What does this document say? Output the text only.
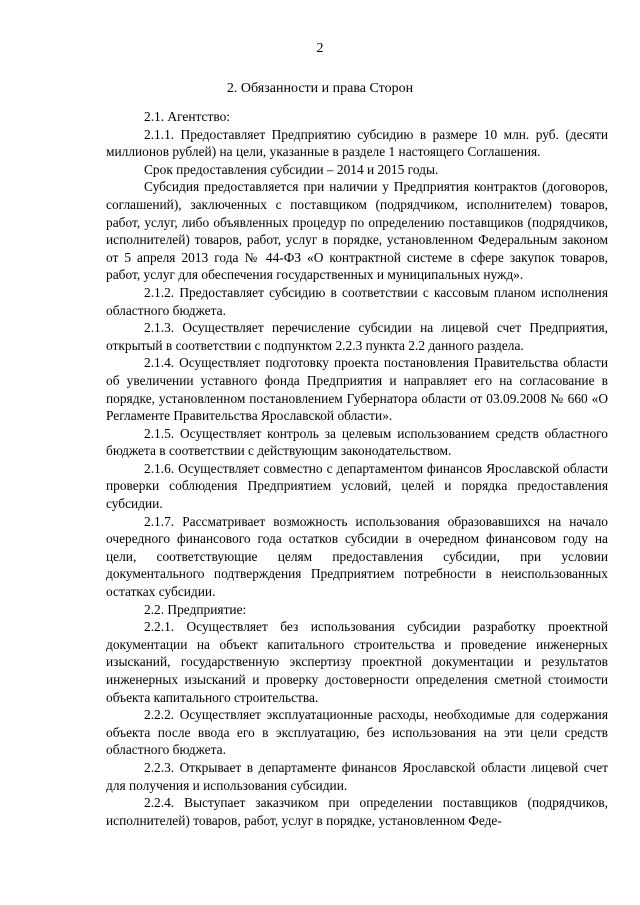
2
2. Обязанности и права Сторон

2.1. Агентство:

2.1.1. Предоставляет Предприятию субсидию в размере 10 млн. руб. (десяти миллионов рублей) на цели, указанные в разделе 1 настоящего Соглашения.

Срок предоставления субсидии – 2014 и 2015 годы.

Субсидия предоставляется при наличии у Предприятия контрактов (договоров, соглашений), заключенных с поставщиком (подрядчиком, исполнителем) товаров, работ, услуг, либо объявленных процедур по определению поставщиков (подрядчиков, исполнителей) товаров, работ, услуг в порядке, установленном Федеральным законом от 5 апреля 2013 года № 44-ФЗ «О контрактной системе в сфере закупок товаров, работ, услуг для обеспечения государственных и муниципальных нужд».

2.1.2. Предоставляет субсидию в соответствии с кассовым планом исполнения областного бюджета.

2.1.3. Осуществляет перечисление субсидии на лицевой счет Предприятия, открытый в соответствии с подпунктом 2.2.3 пункта 2.2 данного раздела.

2.1.4. Осуществляет подготовку проекта постановления Правительства области об увеличении уставного фонда Предприятия и направляет его на согласование в порядке, установленном постановлением Губернатора области от 03.09.2008 № 660 «О Регламенте Правительства Ярославской области».

2.1.5. Осуществляет контроль за целевым использованием средств областного бюджета в соответствии с действующим законодательством.

2.1.6. Осуществляет совместно с департаментом финансов Ярославской области проверки соблюдения Предприятием условий, целей и порядка предоставления субсидии.

2.1.7. Рассматривает возможность использования образовавшихся на начало очередного финансового года остатков субсидии в очередном финансовом году на цели, соответствующие целям предоставления субсидии, при условии документального подтверждения Предприятием потребности в неиспользованных остатках субсидии.

2.2. Предприятие:

2.2.1. Осуществляет без использования субсидии разработку проектной документации на объект капитального строительства и проведение инженерных изысканий, государственную экспертизу проектной документации и результатов инженерных изысканий и проверку достоверности определения сметной стоимости объекта капитального строительства.

2.2.2. Осуществляет эксплуатационные расходы, необходимые для содержания объекта после ввода его в эксплуатацию, без использования на эти цели средств областного бюджета.

2.2.3. Открывает в департаменте финансов Ярославской области лицевой счет для получения и использования субсидии.

2.2.4. Выступает заказчиком при определении поставщиков (подрядчиков, исполнителей) товаров, работ, услуг в порядке, установленном Феде-
